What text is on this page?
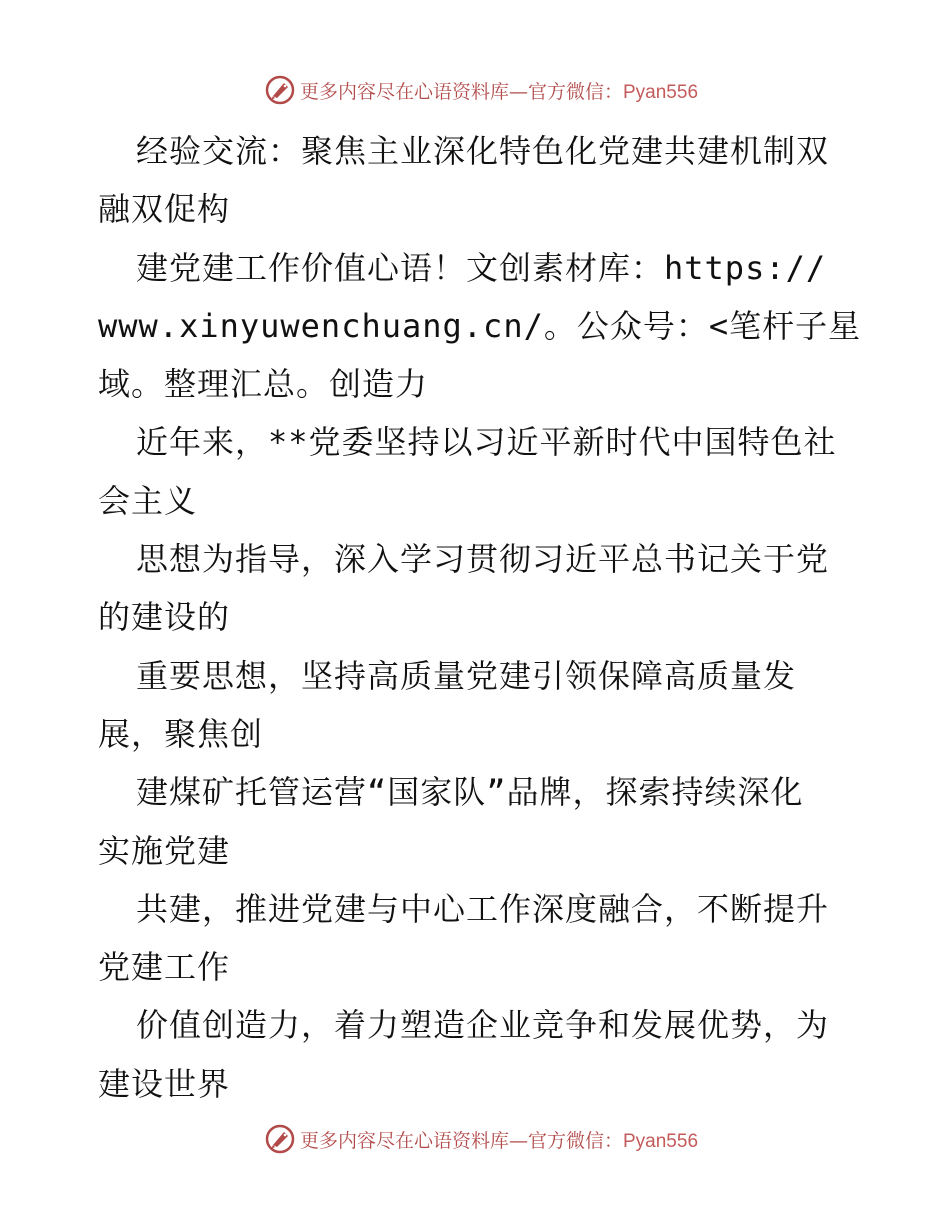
更多内容尽在心语资料库—官方微信：Pyan556
经验交流：聚焦主业深化特色化党建共建机制双
融双促构
建党建工作价值心语！文创素材库：https://
www.xinyuwenchuang.cn/。公众号：<笔杆子星
域。整理汇总。创造力
近年来，**党委坚持以习近平新时代中国特色社
会主义
思想为指导，深入学习贯彻习近平总书记关于党
的建设的
重要思想，坚持高质量党建引领保障高质量发
展，聚焦创
建煤矿托管运营“国家队”品牌，探索持续深化
实施党建
共建，推进党建与中心工作深度融合，不断提升
党建工作
价值创造力，着力塑造企业竞争和发展优势，为
建设世界
更多内容尽在心语资料库—官方微信：Pyan556
